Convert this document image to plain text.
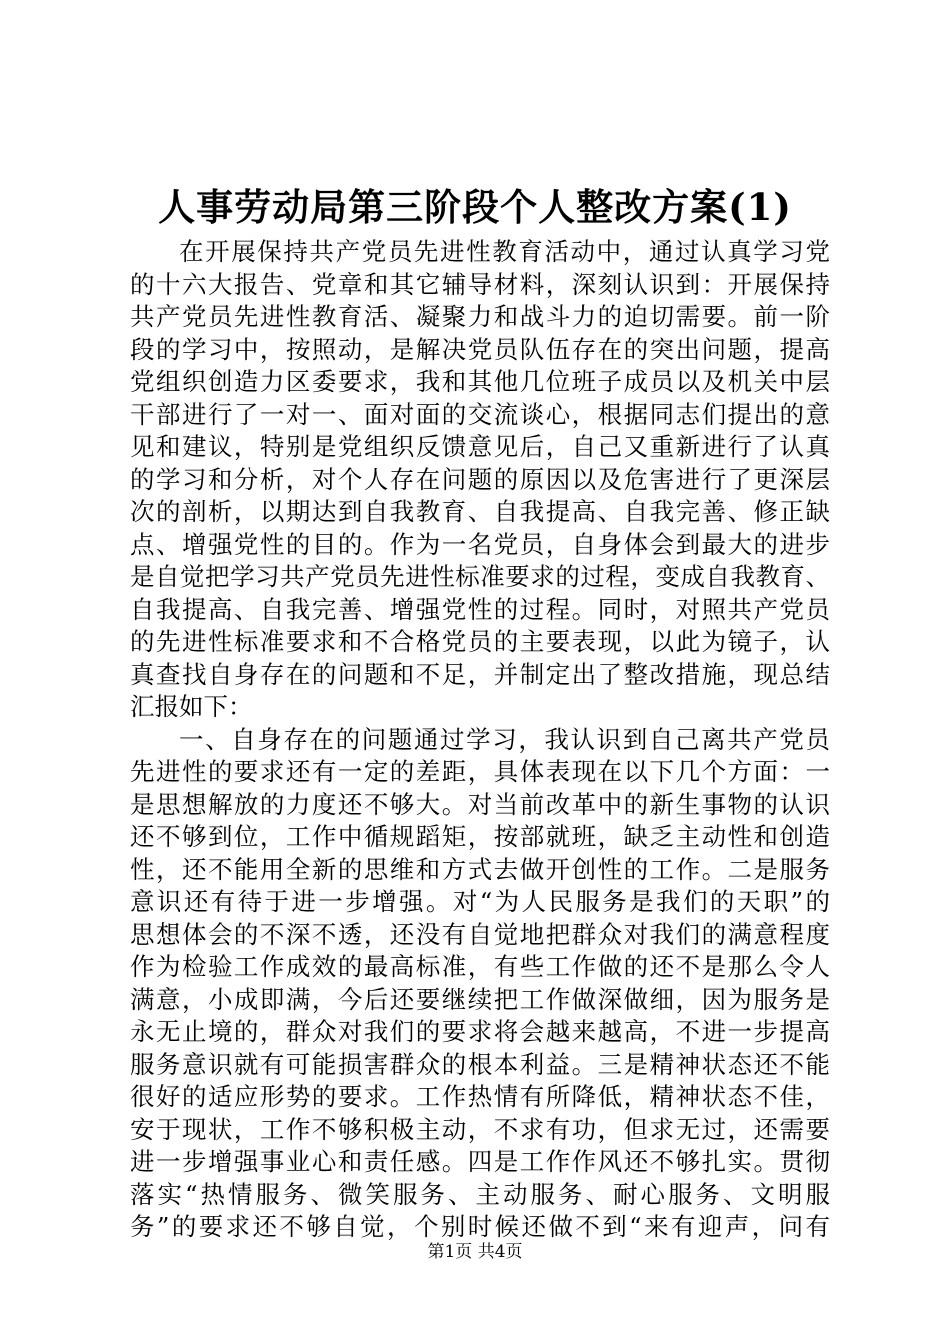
人事劳动局第三阶段个人整改方案(1)
在开展保持共产党员先进性教育活动中，通过认真学习党
的十六大报告、党章和其它辅导材料，深刻认识到：开展保持
共产党员先进性教育活、凝聚力和战斗力的迫切需要。前一阶
段的学习中，按照动，是解决党员队伍存在的突出问题，提高
党组织创造力区委要求，我和其他几位班子成员以及机关中层
干部进行了一对一、面对面的交流谈心，根据同志们提出的意
见和建议，特别是党组织反馈意见后，自己又重新进行了认真
的学习和分析，对个人存在问题的原因以及危害进行了更深层
次的剖析，以期达到自我教育、自我提高、自我完善、修正缺
点、增强党性的目的。作为一名党员，自身体会到最大的进步
是自觉把学习共产党员先进性标准要求的过程，变成自我教育、
自我提高、自我完善、增强党性的过程。同时，对照共产党员
的先进性标准要求和不合格党员的主要表现，以此为镜子，认
真查找自身存在的问题和不足，并制定出了整改措施，现总结
汇报如下：
一、自身存在的问题通过学习，我认识到自己离共产党员
先进性的要求还有一定的差距，具体表现在以下几个方面：一
是思想解放的力度还不够大。对当前改革中的新生事物的认识
还不够到位，工作中循规蹈矩，按部就班，缺乏主动性和创造
性，还不能用全新的思维和方式去做开创性的工作。二是服务
意识还有待于进一步增强。对“为人民服务是我们的天职”的
思想体会的不深不透，还没有自觉地把群众对我们的满意程度
作为检验工作成效的最高标准，有些工作做的还不是那么令人
满意，小成即满，今后还要继续把工作做深做细，因为服务是
永无止境的，群众对我们的要求将会越来越高，不进一步提高
服务意识就有可能损害群众的根本利益。三是精神状态还不能
很好的适应形势的要求。工作热情有所降低，精神状态不佳，
安于现状，工作不够积极主动，不求有功，但求无过，还需要
进一步增强事业心和责任感。四是工作作风还不够扎实。贯彻
落实“热情服务、微笑服务、主动服务、耐心服务、文明服
务”的要求还不够自觉，个别时候还做不到“来有迎声，问有
第1页 共4页
